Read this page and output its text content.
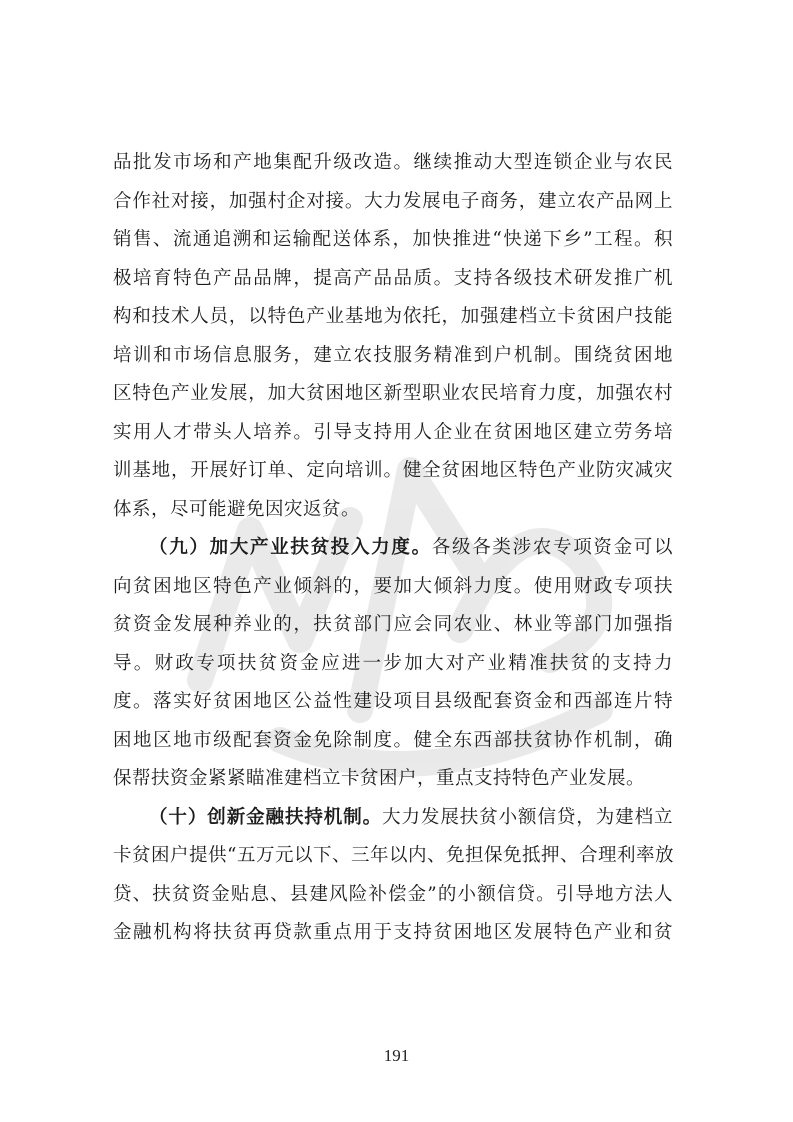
品批发市场和产地集配升级改造。继续推动大型连锁企业与农民
合作社对接，加强村企对接。大力发展电子商务，建立农产品网上
销售、流通追溯和运输配送体系，加快推进“快递下乡”工程。积
极培育特色产品品牌，提高产品品质。支持各级技术研发推广机
构和技术人员，以特色产业基地为依托，加强建档立卡贫困户技能
培训和市场信息服务，建立农技服务精准到户机制。围绕贫困地
区特色产业发展，加大贫困地区新型职业农民培育力度，加强农村
实用人才带头人培养。引导支持用人企业在贫困地区建立劳务培
训基地，开展好订单、定向培训。健全贫困地区特色产业防灾减灾
体系，尽可能避免因灾返贫。
（九）加大产业扶贫投入力度。各级各类涉农专项资金可以
向贫困地区特色产业倾斜的，要加大倾斜力度。使用财政专项扶
贫资金发展种养业的，扶贫部门应会同农业、林业等部门加强指
导。财政专项扶贫资金应进一步加大对产业精准扶贫的支持力
度。落实好贫困地区公益性建设项目县级配套资金和西部连片特
困地区地市级配套资金免除制度。健全东西部扶贫协作机制，确
保帮扶资金紧紧瞄准建档立卡贫困户，重点支持特色产业发展。
（十）创新金融扶持机制。大力发展扶贫小额信贷，为建档立
卡贫困户提供“五万元以下、三年以内、免担保免抵押、合理利率放
贷、扶贫资金贴息、县建风险补偿金”的小额信贷。引导地方法人
金融机构将扶贫再贷款重点用于支持贫困地区发展特色产业和贫
191
